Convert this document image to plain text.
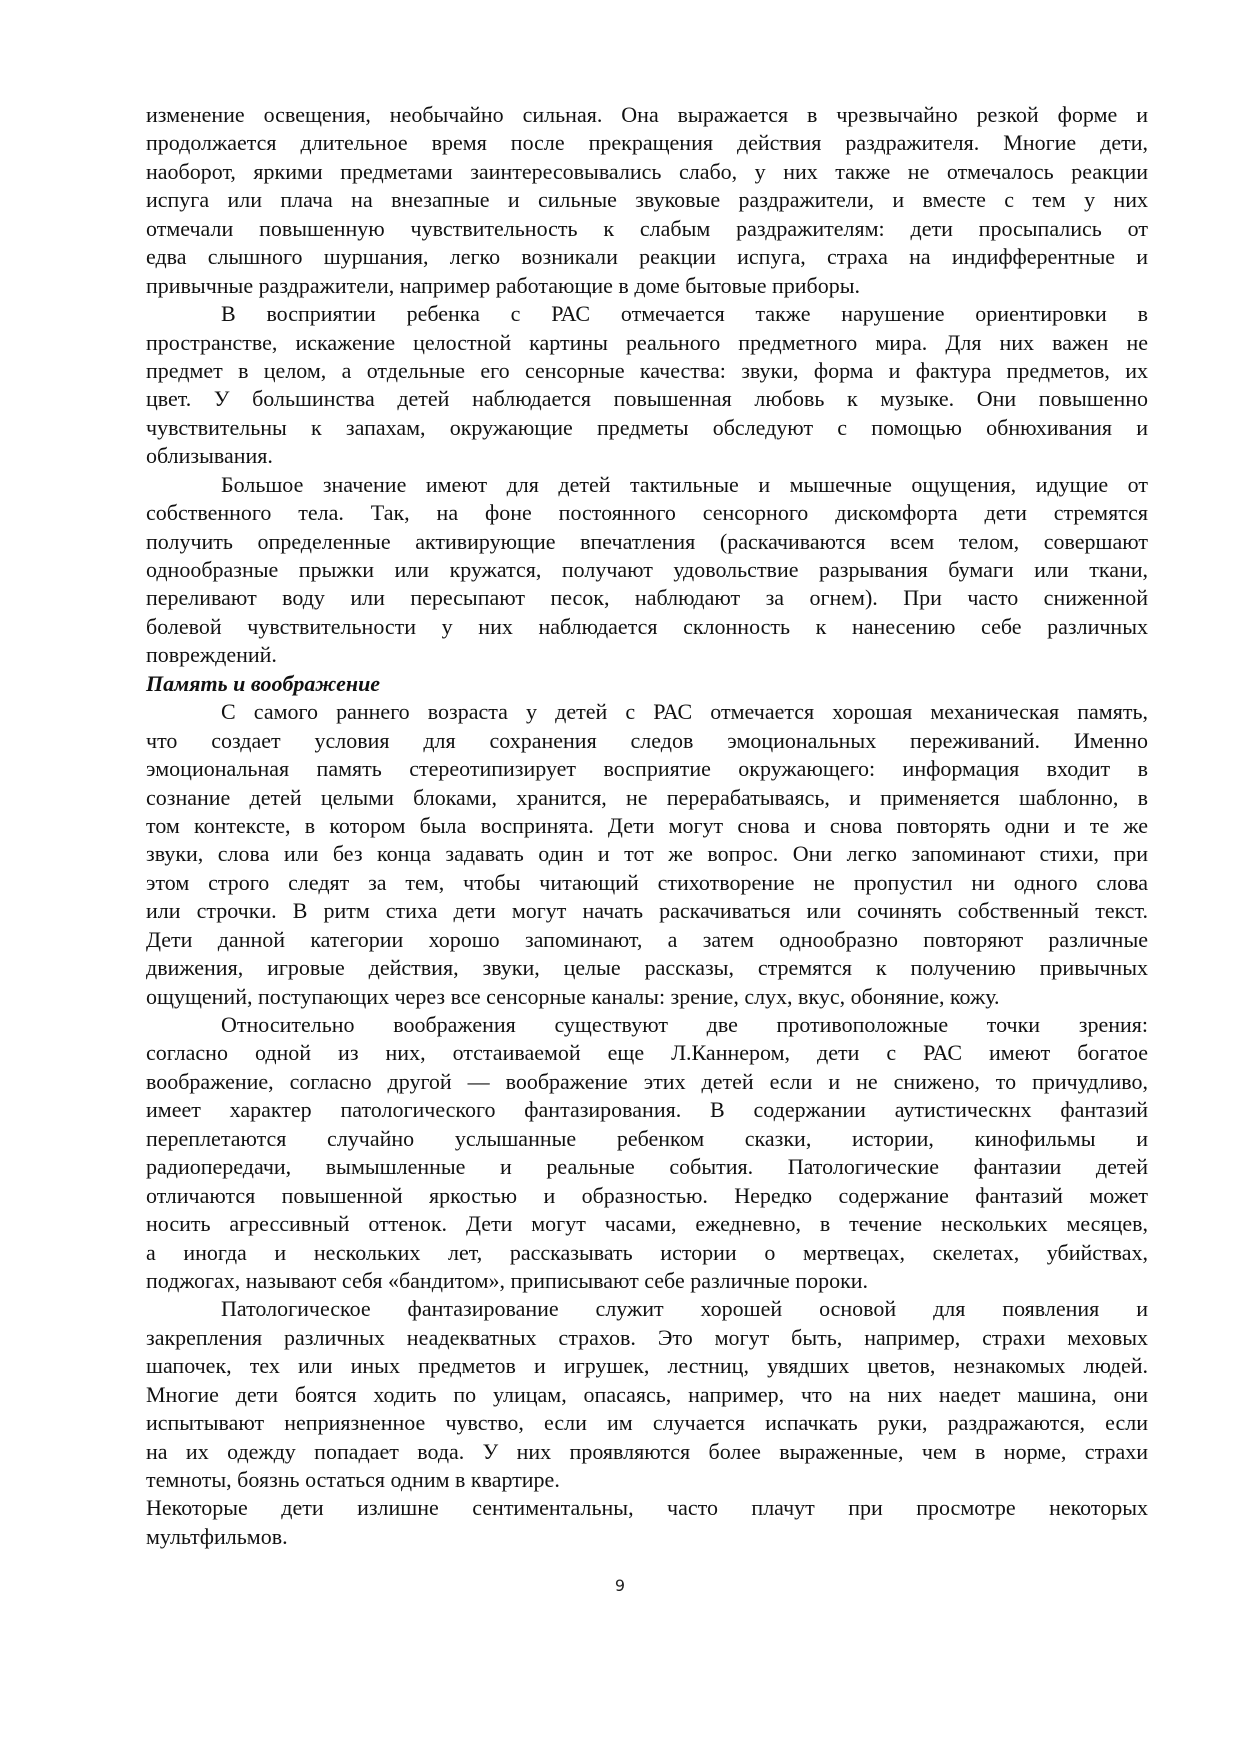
изменение освещения, необычайно сильная. Она выражается в чрезвычайно резкой форме и
продолжается длительное время после прекращения действия раздражителя. Многие дети,
наоборот, яркими предметами заинтересовывались слабо, у них также не отмечалось реакции
испуга или плача на внезапные и сильные звуковые раздражители, и вместе с тем у них
отмечали повышенную чувствительность к слабым раздражителям: дети просыпались от
едва слышного шуршания, легко возникали реакции испуга, страха на индифферентные и
привычные раздражители, например работающие в доме бытовые приборы.
В восприятии ребенка с РАС отмечается также нарушение ориентировки в
пространстве, искажение целостной картины реального предметного мира. Для них важен не
предмет в целом, а отдельные его сенсорные качества: звуки, форма и фактура предметов, их
цвет. У большинства детей наблюдается повышенная любовь к музыке. Они повышенно
чувствительны к запахам, окружающие предметы обследуют с помощью обнюхивания и
облизывания.
Большое значение имеют для детей тактильные и мышечные ощущения, идущие от
собственного тела. Так, на фоне постоянного сенсорного дискомфорта дети стремятся
получить определенные активирующие впечатления (раскачиваются всем телом, совершают
однообразные прыжки или кружатся, получают удовольствие разрывания бумаги или ткани,
переливают воду или пересыпают песок, наблюдают за огнем). При часто сниженной
болевой чувствительности у них наблюдается склонность к нанесению себе различных
повреждений.
Память и воображение
С самого раннего возраста у детей с РАС отмечается хорошая механическая память,
что создает условия для сохранения следов эмоциональных переживаний. Именно
эмоциональная память стереотипизирует восприятие окружающего: информация входит в
сознание детей целыми блоками, хранится, не перерабатываясь, и применяется шаблонно, в
том контексте, в котором была воспринята. Дети могут снова и снова повторять одни и те же
звуки, слова или без конца задавать один и тот же вопрос. Они легко запоминают стихи, при
этом строго следят за тем, чтобы читающий стихотворение не пропустил ни одного слова
или строчки. В ритм стиха дети могут начать раскачиваться или сочинять собственный текст.
Дети данной категории хорошо запоминают, а затем однообразно повторяют различные
движения, игровые действия, звуки, целые рассказы, стремятся к получению привычных
ощущений, поступающих через все сенсорные каналы: зрение, слух, вкус, обоняние, кожу.
Относительно воображения существуют две противоположные точки зрения:
согласно одной из них, отстаиваемой еще Л.Каннером, дети с РАС имеют богатое
воображение, согласно другой — воображение этих детей если и не снижено, то причудливо,
имеет характер патологического фантазирования. В содержании аутистическнх фантазий
переплетаются случайно услышанные ребенком сказки, истории, кинофильмы и
радиопередачи, вымышленные и реальные события. Патологические фантазии детей
отличаются повышенной яркостью и образностью. Нередко содержание фантазий может
носить агрессивный оттенок. Дети могут часами, ежедневно, в течение нескольких месяцев,
а иногда и нескольких лет, рассказывать истории о мертвецах, скелетах, убийствах,
поджогах, называют себя «бандитом», приписывают себе различные пороки.
Патологическое фантазирование служит хорошей основой для появления и
закрепления различных неадекватных страхов. Это могут быть, например, страхи меховых
шапочек, тех или иных предметов и игрушек, лестниц, увядших цветов, незнакомых людей.
Многие дети боятся ходить по улицам, опасаясь, например, что на них наедет машина, они
испытывают неприязненное чувство, если им случается испачкать руки, раздражаются, если
на их одежду попадает вода. У них проявляются более выраженные, чем в норме, страхи
темноты, боязнь остаться одним в квартире.
Некоторые дети излишне сентиментальны, часто плачут при просмотре некоторых
мультфильмов.
9
